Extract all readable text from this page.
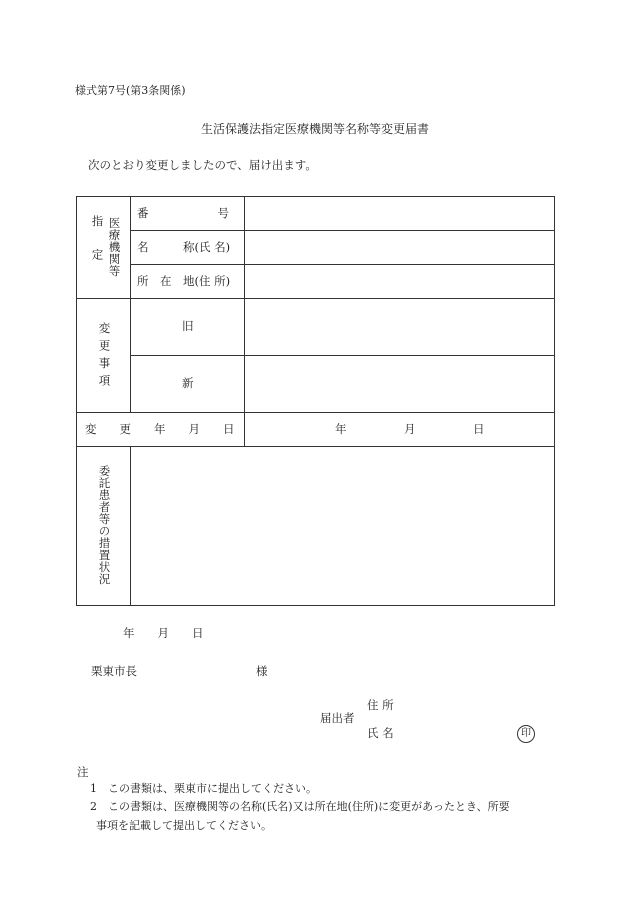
様式第7号(第3条関係)
生活保護法指定医療機関等名称等変更届書
次のとおり変更しましたので、届け出ます。
指定 医療機関等
番　　　　　　号
名　　　称(氏 名)
所　在　地(住 所)
変更事項	旧
新
変　　更　　年　　月　　日	年　　　　　月　　　　　日
委託患者等の措置状況
年　　月　　日
栗東市長	様
届出者
住 所
氏 名	印
注
1　この書類は、栗東市に提出してください。
2　この書類は、医療機関等の名称(氏名)又は所在地(住所)に変更があったとき、所要
事項を記載して提出してください。
